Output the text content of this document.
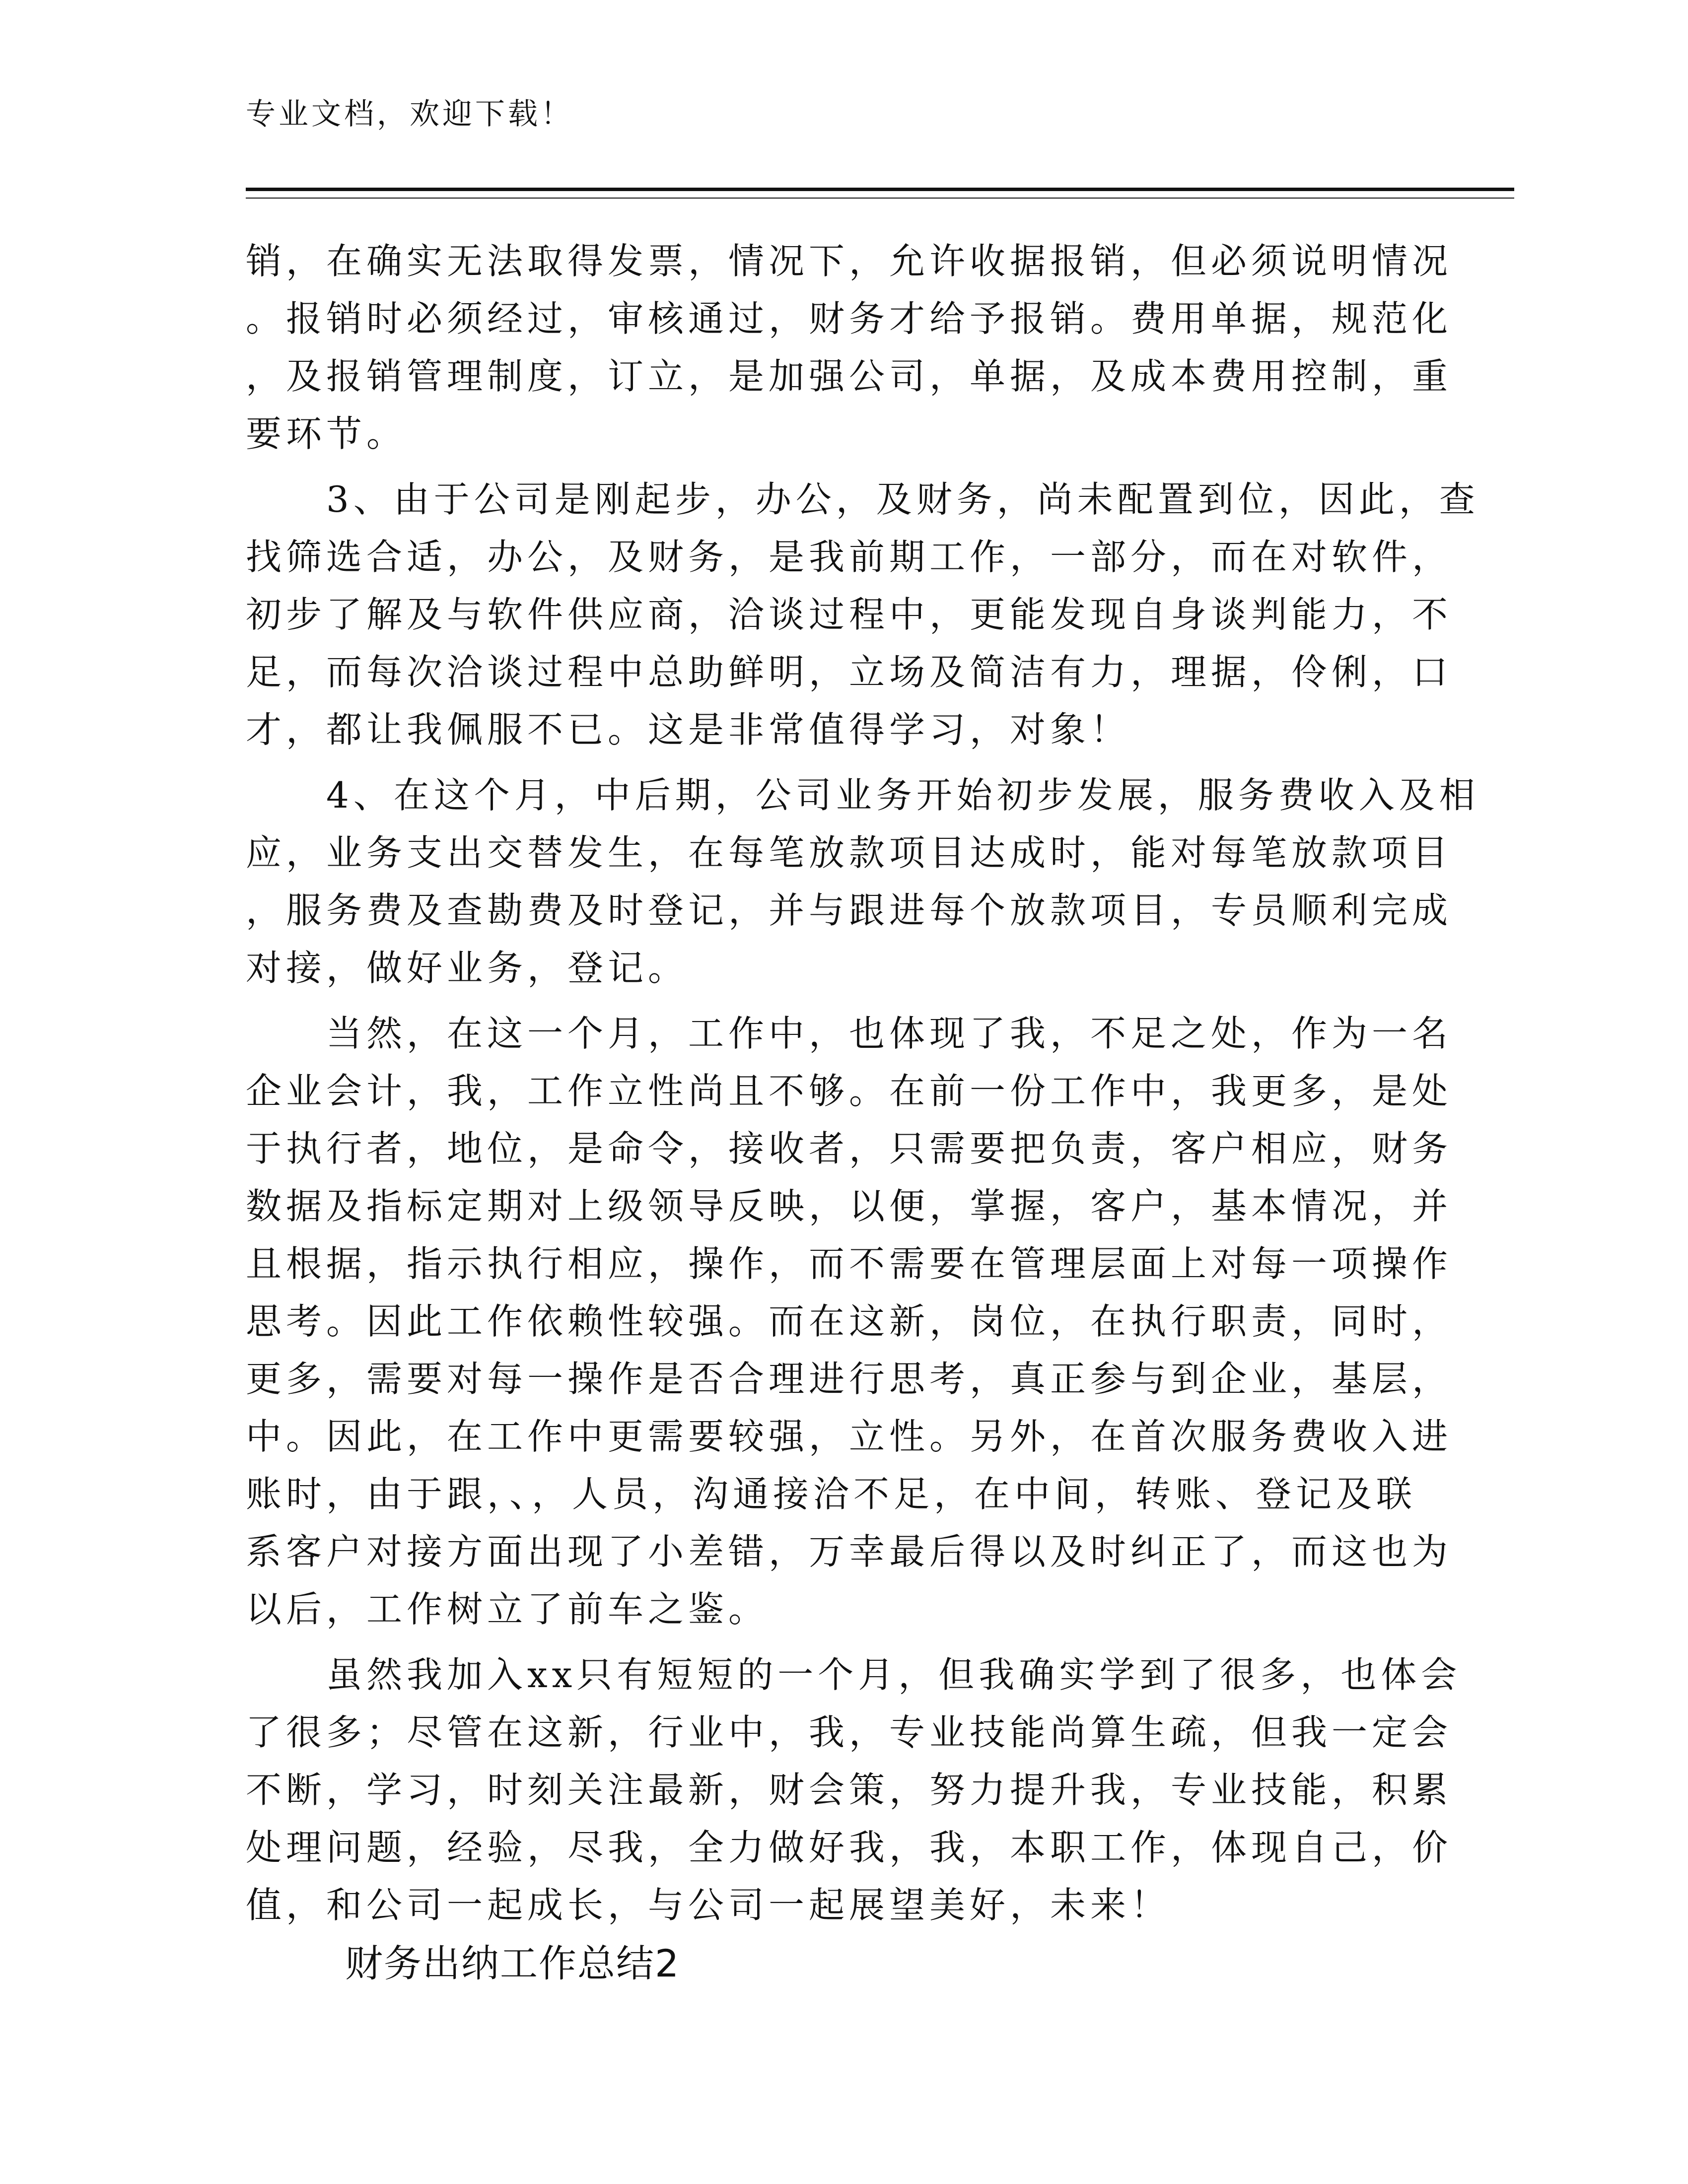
专业文档，欢迎下载！
销，在确实无法取得发票，情况下，允许收据报销，但必须说明情况
。报销时必须经过，审核通过，财务才给予报销。费用单据，规范化
，及报销管理制度，订立，是加强公司，单据，及成本费用控制，重
要环节。
　　3、由于公司是刚起步，办公，及财务，尚未配置到位，因此，查
找筛选合适，办公，及财务，是我前期工作，一部分，而在对软件，
初步了解及与软件供应商，洽谈过程中，更能发现自身谈判能力，不
足，而每次洽谈过程中总助鲜明，立场及简洁有力，理据，伶俐，口
才，都让我佩服不已。这是非常值得学习，对象！
　　4、在这个月，中后期，公司业务开始初步发展，服务费收入及相
应，业务支出交替发生，在每笔放款项目达成时，能对每笔放款项目
，服务费及查勘费及时登记，并与跟进每个放款项目，专员顺利完成
对接，做好业务，登记。
　　当然，在这一个月，工作中，也体现了我，不足之处，作为一名
企业会计，我，工作立性尚且不够。在前一份工作中，我更多，是处
于执行者，地位，是命令，接收者，只需要把负责，客户相应，财务
数据及指标定期对上级领导反映，以便，掌握，客户，基本情况，并
且根据，指示执行相应，操作，而不需要在管理层面上对每一项操作
思考。因此工作依赖性较强。而在这新，岗位，在执行职责，同时，
更多，需要对每一操作是否合理进行思考，真正参与到企业，基层，
中。因此，在工作中更需要较强，立性。另外，在首次服务费收入进
账时，由于跟，、，人员，沟通接洽不足，在中间，转账、登记及联
系客户对接方面出现了小差错，万幸最后得以及时纠正了，而这也为
以后，工作树立了前车之鉴。
　　虽然我加入xx只有短短的一个月，但我确实学到了很多，也体会
了很多；尽管在这新，行业中，我，专业技能尚算生疏，但我一定会
不断，学习，时刻关注最新，财会策，努力提升我，专业技能，积累
处理问题，经验，尽我，全力做好我，我，本职工作，体现自己，价
值，和公司一起成长，与公司一起展望美好，未来！
财务出纳工作总结2
